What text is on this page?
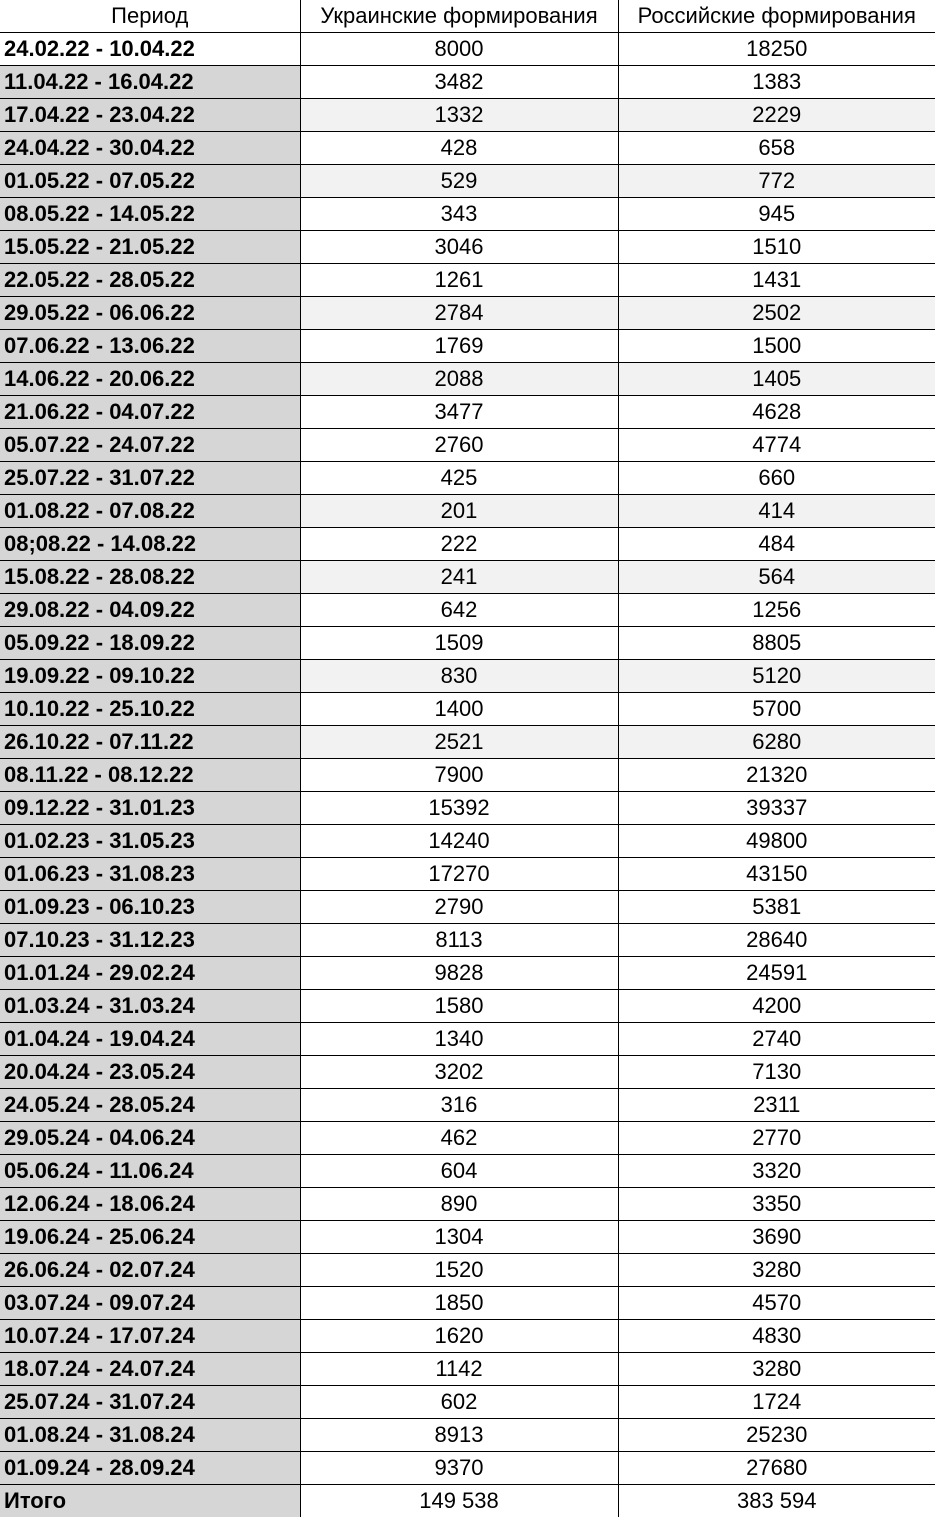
Период	Украинские формирования	Российские формирования
24.02.22 - 10.04.22	8000	18250
11.04.22 - 16.04.22	3482	1383
17.04.22 - 23.04.22	1332	2229
24.04.22 - 30.04.22	428	658
01.05.22 - 07.05.22	529	772
08.05.22 - 14.05.22	343	945
15.05.22 - 21.05.22	3046	1510
22.05.22 - 28.05.22	1261	1431
29.05.22 - 06.06.22	2784	2502
07.06.22 - 13.06.22	1769	1500
14.06.22 - 20.06.22	2088	1405
21.06.22 - 04.07.22	3477	4628
05.07.22 - 24.07.22	2760	4774
25.07.22 - 31.07.22	425	660
01.08.22 - 07.08.22	201	414
08;08.22 - 14.08.22	222	484
15.08.22 - 28.08.22	241	564
29.08.22 - 04.09.22	642	1256
05.09.22 - 18.09.22	1509	8805
19.09.22 - 09.10.22	830	5120
10.10.22 - 25.10.22	1400	5700
26.10.22 - 07.11.22	2521	6280
08.11.22 - 08.12.22	7900	21320
09.12.22 - 31.01.23	15392	39337
01.02.23 - 31.05.23	14240	49800
01.06.23 - 31.08.23	17270	43150
01.09.23 - 06.10.23	2790	5381
07.10.23 - 31.12.23	8113	28640
01.01.24 - 29.02.24	9828	24591
01.03.24 - 31.03.24	1580	4200
01.04.24 - 19.04.24	1340	2740
20.04.24 - 23.05.24	3202	7130
24.05.24 - 28.05.24	316	2311
29.05.24 - 04.06.24	462	2770
05.06.24 - 11.06.24	604	3320
12.06.24 - 18.06.24	890	3350
19.06.24 - 25.06.24	1304	3690
26.06.24 - 02.07.24	1520	3280
03.07.24 - 09.07.24	1850	4570
10.07.24 - 17.07.24	1620	4830
18.07.24 - 24.07.24	1142	3280
25.07.24 - 31.07.24	602	1724
01.08.24 - 31.08.24	8913	25230
01.09.24 - 28.09.24	9370	27680
Итого	149 538	383 594
